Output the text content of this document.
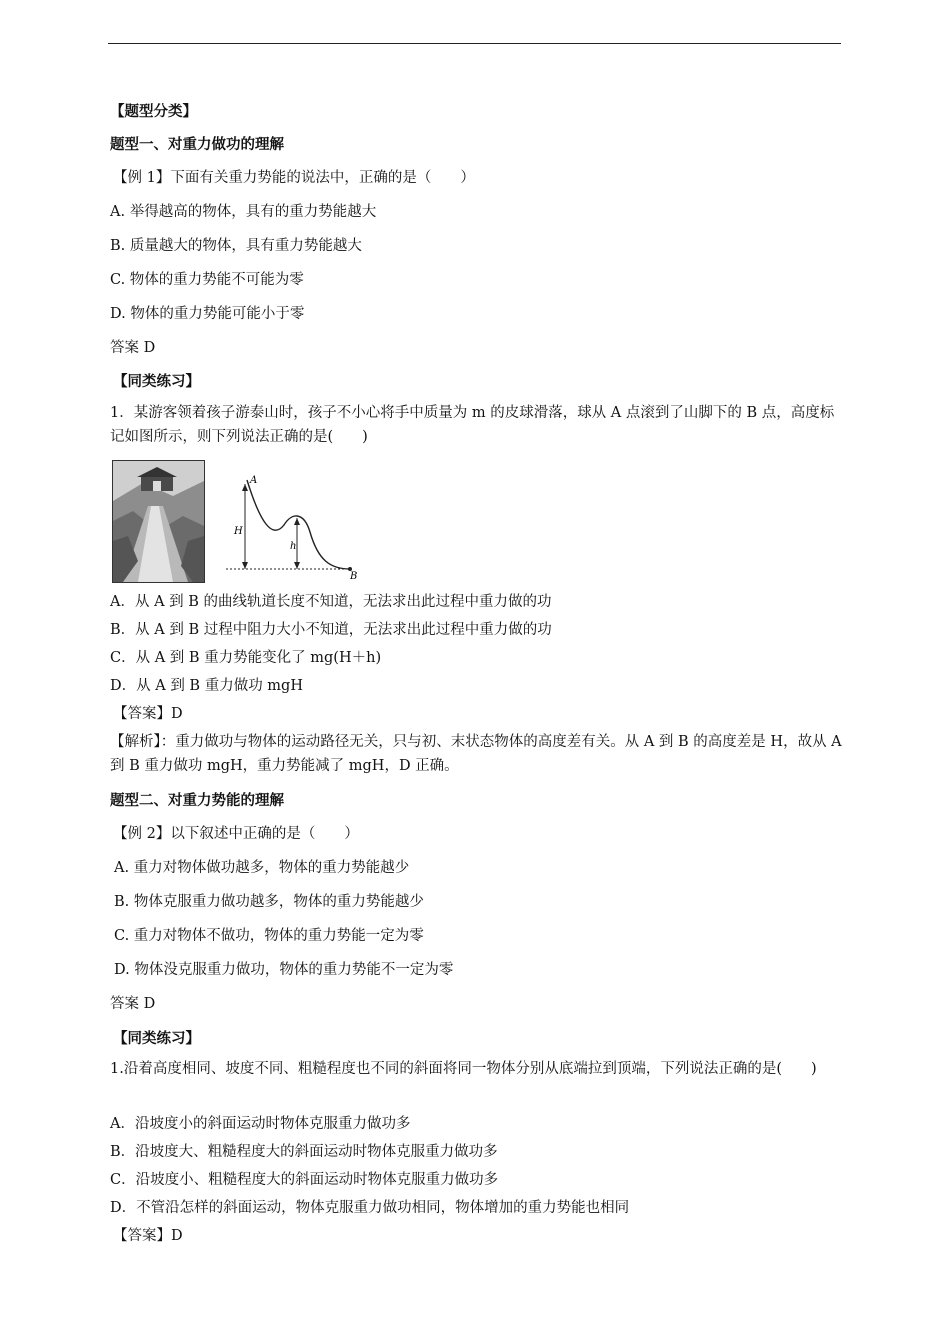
【题型分类】
题型一、对重力做功的理解
【例 1】下面有关重力势能的说法中，正确的是（　　）
A. 举得越高的物体，具有的重力势能越大
B. 质量越大的物体，具有重力势能越大
C. 物体的重力势能不可能为零
D. 物体的重力势能可能小于零
答案 D
【同类练习】
1．某游客领着孩子游泰山时，孩子不小心将手中质量为 m 的皮球滑落，球从 A 点滚到了山脚下的 B 点，高度标记如图所示，则下列说法正确的是(　　)
A
H
h
B
A．从 A 到 B 的曲线轨道长度不知道，无法求出此过程中重力做的功
B．从 A 到 B 过程中阻力大小不知道，无法求出此过程中重力做的功
C．从 A 到 B 重力势能变化了 mg(H＋h)
D．从 A 到 B 重力做功 mgH
【答案】D
【解析】：重力做功与物体的运动路径无关，只与初、末状态物体的高度差有关。从 A 到 B 的高度差是 H，故从 A 到 B 重力做功 mgH，重力势能减了 mgH，D 正确。
题型二、对重力势能的理解
【例 2】以下叙述中正确的是（　　）
A. 重力对物体做功越多，物体的重力势能越少
B. 物体克服重力做功越多，物体的重力势能越少
C. 重力对物体不做功，物体的重力势能一定为零
D. 物体没克服重力做功，物体的重力势能不一定为零
答案 D
【同类练习】
1.沿着高度相同、坡度不同、粗糙程度也不同的斜面将同一物体分别从底端拉到顶端，下列说法正确的是(　　)
A．沿坡度小的斜面运动时物体克服重力做功多
B．沿坡度大、粗糙程度大的斜面运动时物体克服重力做功多
C．沿坡度小、粗糙程度大的斜面运动时物体克服重力做功多
D．不管沿怎样的斜面运动，物体克服重力做功相同，物体增加的重力势能也相同
【答案】D
